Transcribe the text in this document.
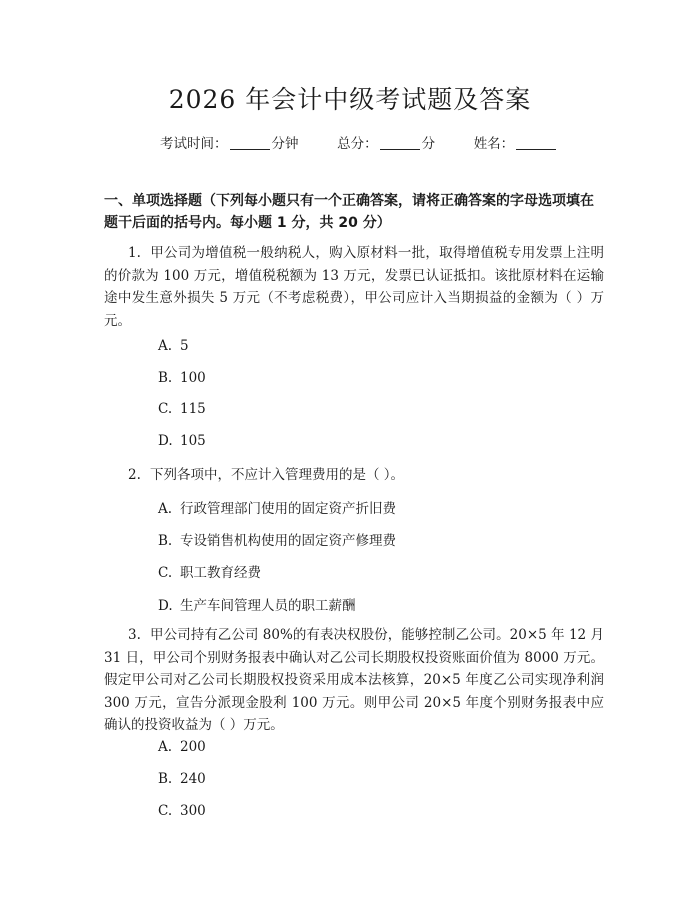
2026 年会计中级考试题及答案
考试时间：	分钟	总分：	分	姓名：
一、单项选择题（下列每小题只有一个正确答案，请将正确答案的字母选项填在题干后面的括号内。每小题 1 分，共 20 分）
1. 甲公司为增值税一般纳税人，购入原材料一批，取得增值税专用发票上注明的价款为 100 万元，增值税税额为 13 万元，发票已认证抵扣。该批原材料在运输途中发生意外损失 5 万元（不考虑税费），甲公司应计入当期损益的金额为（ ）万元。
A. 5
B. 100
C. 115
D. 105
2. 下列各项中，不应计入管理费用的是（ ）。
A. 行政管理部门使用的固定资产折旧费
B. 专设销售机构使用的固定资产修理费
C. 职工教育经费
D. 生产车间管理人员的职工薪酬
3. 甲公司持有乙公司 80%的有表决权股份，能够控制乙公司。20×5 年 12 月 31 日，甲公司个别财务报表中确认对乙公司长期股权投资账面价值为 8000 万元。假定甲公司对乙公司长期股权投资采用成本法核算，20×5 年度乙公司实现净利润 300 万元，宣告分派现金股利 100 万元。则甲公司 20×5 年度个别财务报表中应确认的投资收益为（ ）万元。
A. 200
B. 240
C. 300
